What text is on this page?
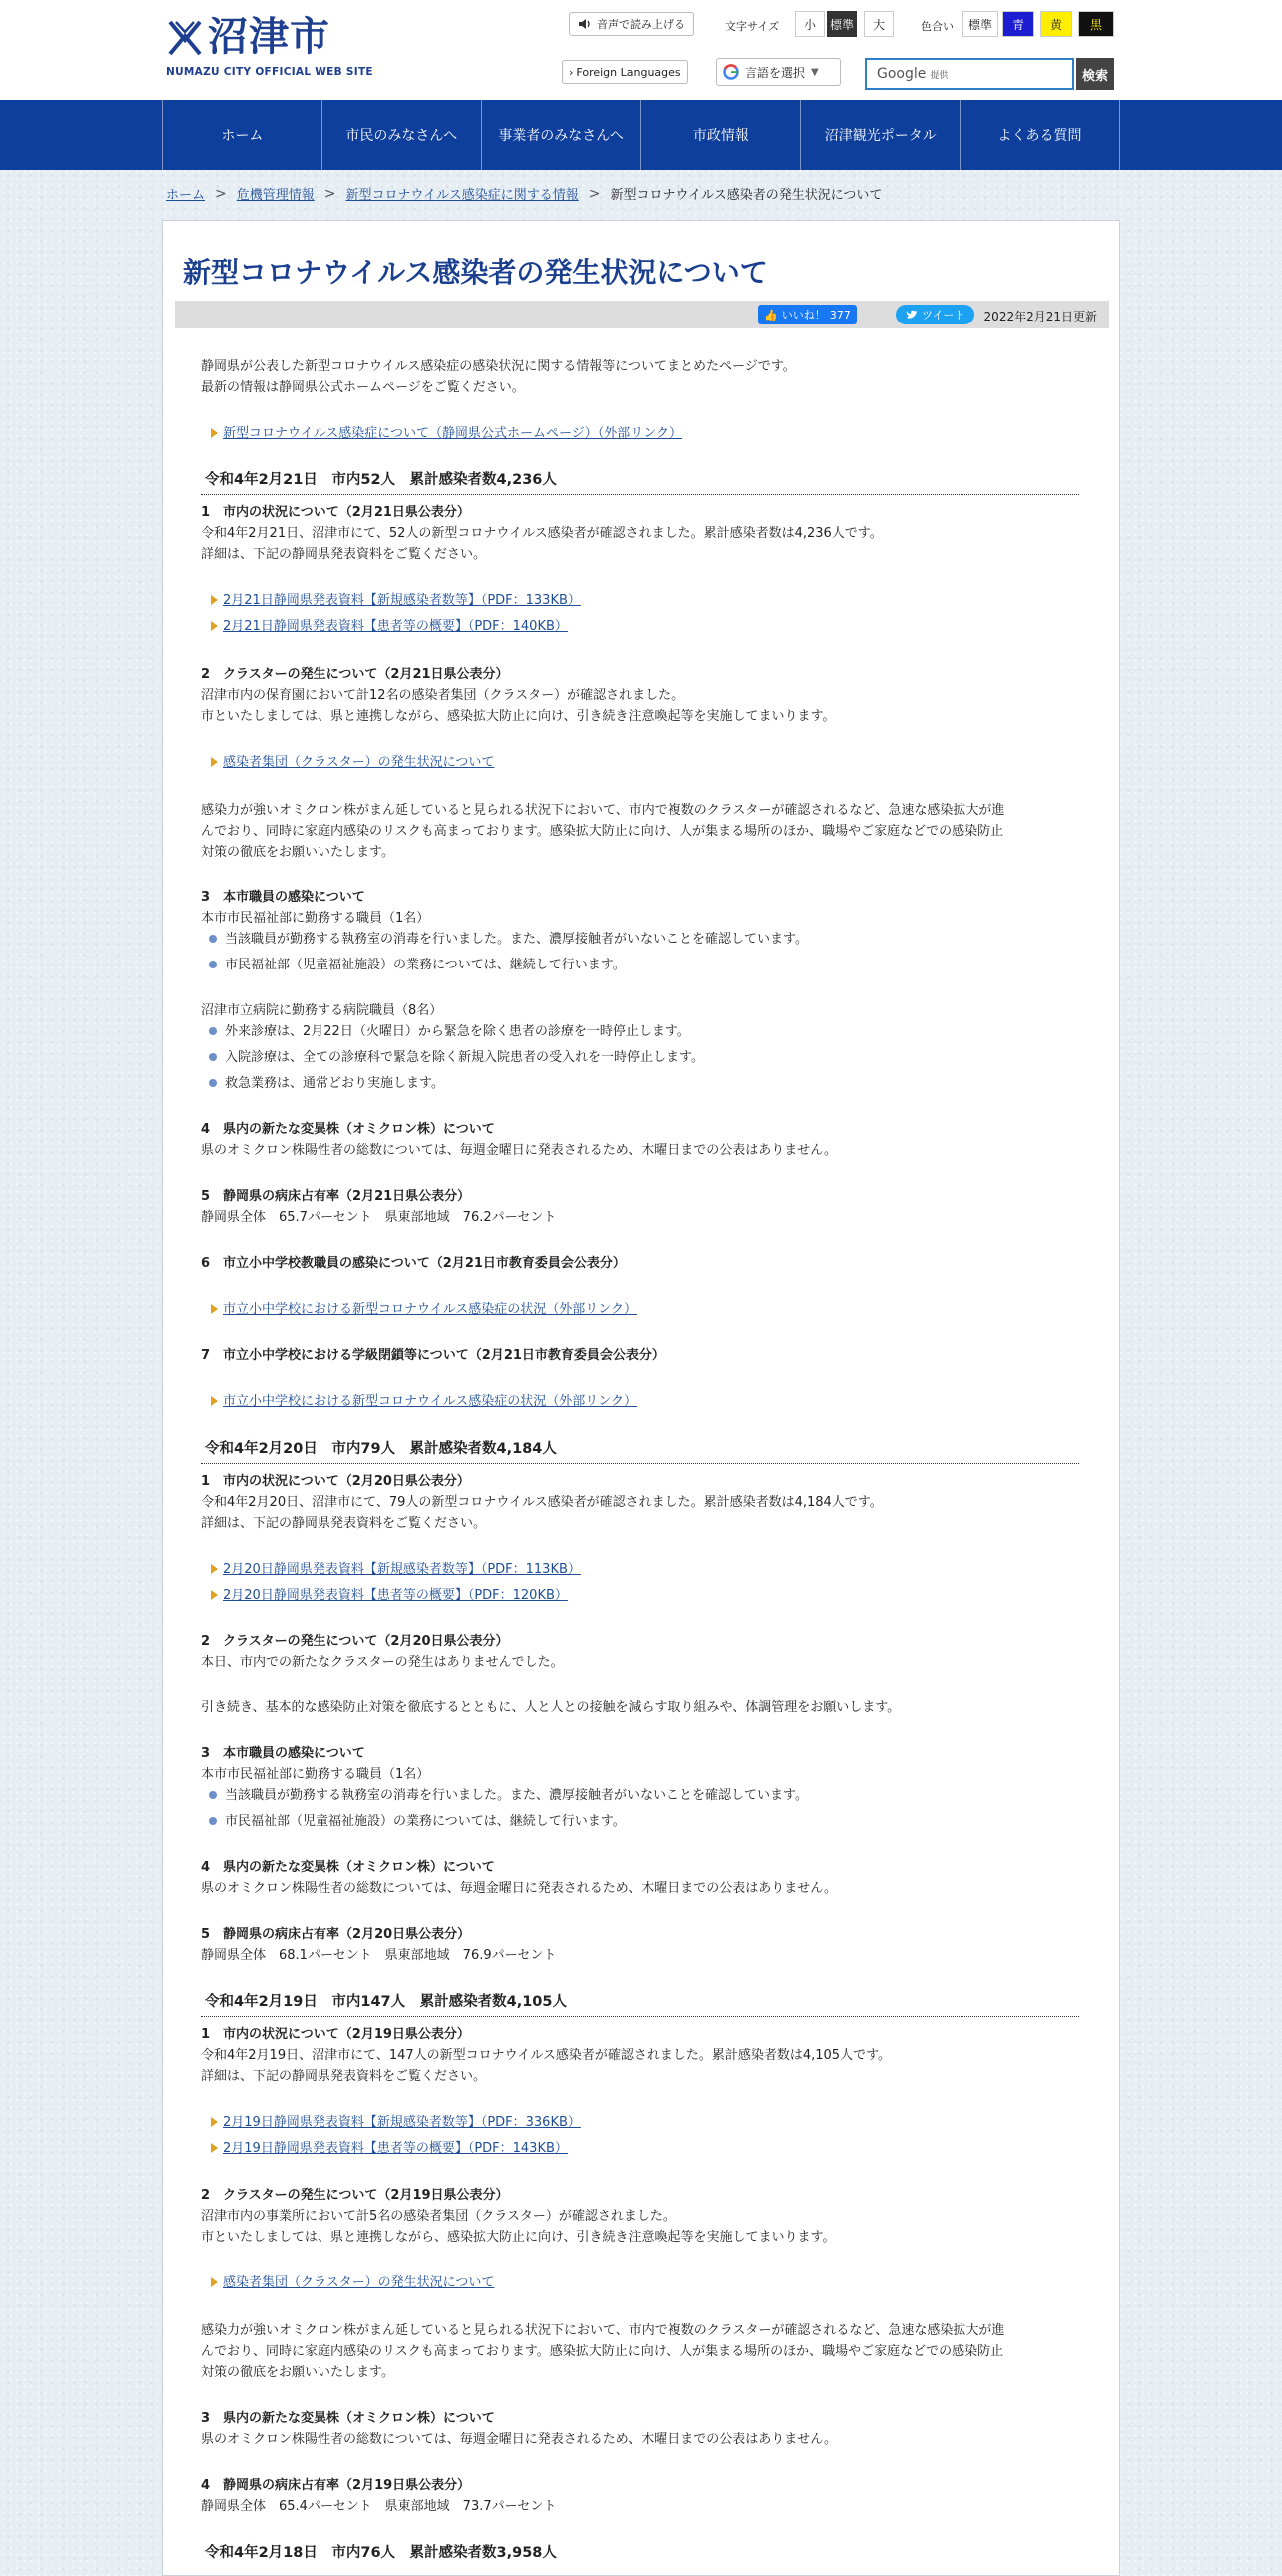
沼津市
NUMAZU CITY OFFICIAL WEB SITE
音声で読み上げる	文字サイズ	小	標準	大	色合い	標準	青	黄	黒
› Foreign Languages	言語を選択 ▼	Google 提供	検索
ホーム	市民のみなさんへ	事業者のみなさんへ	市政情報	沼津観光ポータル	よくある質問
ホーム > 危機管理情報 > 新型コロナウイルス感染症に関する情報 > 新型コロナウイルス感染者の発生状況について
新型コロナウイルス感染者の発生状況について
👍 いいね！ 377	ツイート 2022年2月21日更新
静岡県が公表した新型コロナウイルス感染症の感染状況に関する情報等についてまとめたページです。
最新の情報は静岡県公式ホームページをご覧ください。
新型コロナウイルス感染症について（静岡県公式ホームページ）（外部リンク）
令和4年2月21日　市内52人　累計感染者数4,236人
1　市内の状況について（2月21日県公表分）
令和4年2月21日、沼津市にて、52人の新型コロナウイルス感染者が確認されました。累計感染者数は4,236人です。
詳細は、下記の静岡県発表資料をご覧ください。
2月21日静岡県発表資料【新規感染者数等】（PDF：133KB）
2月21日静岡県発表資料【患者等の概要】（PDF：140KB）
2　クラスターの発生について（2月21日県公表分）
沼津市内の保育園において計12名の感染者集団（クラスター）が確認されました。
市といたしましては、県と連携しながら、感染拡大防止に向け、引き続き注意喚起等を実施してまいります。
感染者集団（クラスター）の発生状況について
感染力が強いオミクロン株がまん延していると見られる状況下において、市内で複数のクラスターが確認されるなど、急速な感染拡大が進
んでおり、同時に家庭内感染のリスクも高まっております。感染拡大防止に向け、人が集まる場所のほか、職場やご家庭などでの感染防止
対策の徹底をお願いいたします。
3　本市職員の感染について
本市市民福祉部に勤務する職員（1名）
当該職員が勤務する執務室の消毒を行いました。また、濃厚接触者がいないことを確認しています。
市民福祉部（児童福祉施設）の業務については、継続して行います。
沼津市立病院に勤務する病院職員（8名）
外来診療は、2月22日（火曜日）から緊急を除く患者の診療を一時停止します。
入院診療は、全ての診療科で緊急を除く新規入院患者の受入れを一時停止します。
救急業務は、通常どおり実施します。
4　県内の新たな変異株（オミクロン株）について
県のオミクロン株陽性者の総数については、毎週金曜日に発表されるため、木曜日までの公表はありません。
5　静岡県の病床占有率（2月21日県公表分）
静岡県全体　65.7パーセント　県東部地域　76.2パーセント
6　市立小中学校教職員の感染について（2月21日市教育委員会公表分）
市立小中学校における新型コロナウイルス感染症の状況（外部リンク）
7　市立小中学校における学級閉鎖等について（2月21日市教育委員会公表分）
市立小中学校における新型コロナウイルス感染症の状況（外部リンク）
令和4年2月20日　市内79人　累計感染者数4,184人
1　市内の状況について（2月20日県公表分）
令和4年2月20日、沼津市にて、79人の新型コロナウイルス感染者が確認されました。累計感染者数は4,184人です。
詳細は、下記の静岡県発表資料をご覧ください。
2月20日静岡県発表資料【新規感染者数等】（PDF：113KB）
2月20日静岡県発表資料【患者等の概要】（PDF：120KB）
2　クラスターの発生について（2月20日県公表分）
本日、市内での新たなクラスターの発生はありませんでした。
引き続き、基本的な感染防止対策を徹底するとともに、人と人との接触を減らす取り組みや、体調管理をお願いします。
3　本市職員の感染について
本市市民福祉部に勤務する職員（1名）
当該職員が勤務する執務室の消毒を行いました。また、濃厚接触者がいないことを確認しています。
市民福祉部（児童福祉施設）の業務については、継続して行います。
4　県内の新たな変異株（オミクロン株）について
県のオミクロン株陽性者の総数については、毎週金曜日に発表されるため、木曜日までの公表はありません。
5　静岡県の病床占有率（2月20日県公表分）
静岡県全体　68.1パーセント　県東部地域　76.9パーセント
令和4年2月19日　市内147人　累計感染者数4,105人
1　市内の状況について（2月19日県公表分）
令和4年2月19日、沼津市にて、147人の新型コロナウイルス感染者が確認されました。累計感染者数は4,105人です。
詳細は、下記の静岡県発表資料をご覧ください。
2月19日静岡県発表資料【新規感染者数等】（PDF：336KB）
2月19日静岡県発表資料【患者等の概要】（PDF：143KB）
2　クラスターの発生について（2月19日県公表分）
沼津市内の事業所において計5名の感染者集団（クラスター）が確認されました。
市といたしましては、県と連携しながら、感染拡大防止に向け、引き続き注意喚起等を実施してまいります。
感染者集団（クラスター）の発生状況について
感染力が強いオミクロン株がまん延していると見られる状況下において、市内で複数のクラスターが確認されるなど、急速な感染拡大が進
んでおり、同時に家庭内感染のリスクも高まっております。感染拡大防止に向け、人が集まる場所のほか、職場やご家庭などでの感染防止
対策の徹底をお願いいたします。
3　県内の新たな変異株（オミクロン株）について
県のオミクロン株陽性者の総数については、毎週金曜日に発表されるため、木曜日までの公表はありません。
4　静岡県の病床占有率（2月19日県公表分）
静岡県全体　65.4パーセント　県東部地域　73.7パーセント
令和4年2月18日　市内76人　累計感染者数3,958人
